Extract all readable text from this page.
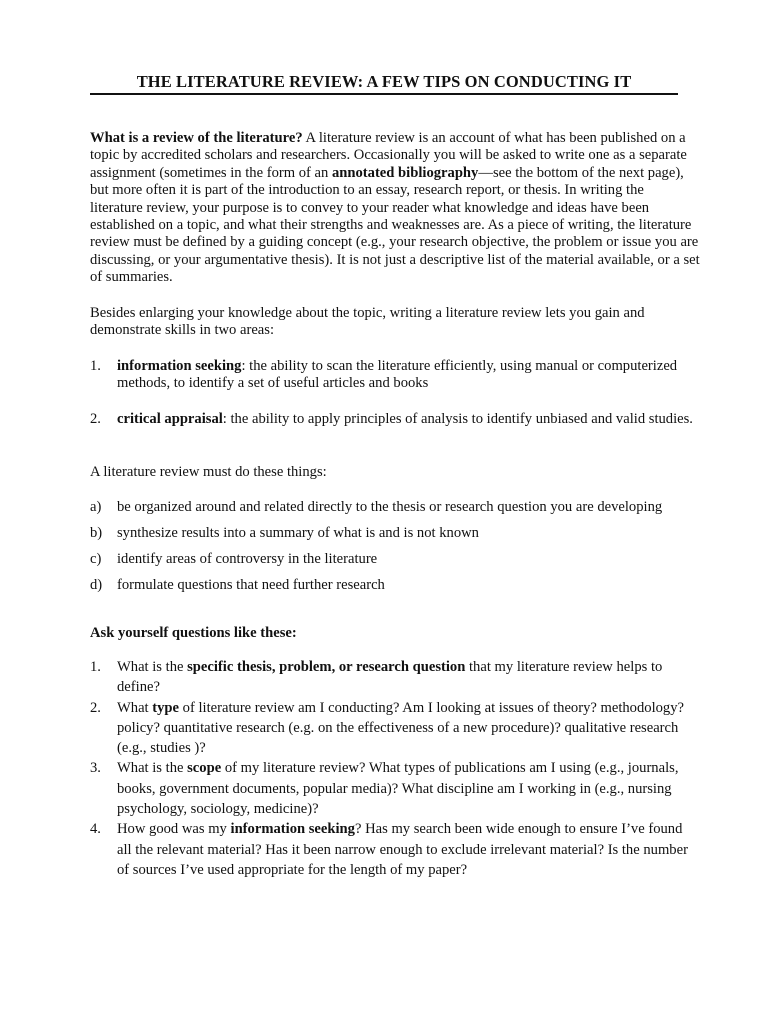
THE LITERATURE REVIEW: A FEW TIPS ON CONDUCTING IT

What is a review of the literature? A literature review is an account of what has been published on a topic by accredited scholars and researchers. Occasionally you will be asked to write one as a separate assignment (sometimes in the form of an annotated bibliography—see the bottom of the next page), but more often it is part of the introduction to an essay, research report, or thesis. In writing the literature review, your purpose is to convey to your reader what knowledge and ideas have been established on a topic, and what their strengths and weaknesses are. As a piece of writing, the literature review must be defined by a guiding concept (e.g., your research objective, the problem or issue you are discussing, or your argumentative thesis). It is not just a descriptive list of the material available, or a set of summaries.

Besides enlarging your knowledge about the topic, writing a literature review lets you gain and demonstrate skills in two areas:

1. information seeking: the ability to scan the literature efficiently, using manual or computerized methods, to identify a set of useful articles and books
2. critical appraisal: the ability to apply principles of analysis to identify unbiased and valid studies.

A literature review must do these things:

a) be organized around and related directly to the thesis or research question you are developing
b) synthesize results into a summary of what is and is not known
c) identify areas of controversy in the literature
d) formulate questions that need further research

Ask yourself questions like these:

1. What is the specific thesis, problem, or research question that my literature review helps to define?
2. What type of literature review am I conducting? Am I looking at issues of theory? methodology? policy? quantitative research (e.g. on the effectiveness of a new procedure)? qualitative research (e.g., studies )?
3. What is the scope of my literature review? What types of publications am I using (e.g., journals, books, government documents, popular media)? What discipline am I working in (e.g., nursing psychology, sociology, medicine)?
4. How good was my information seeking? Has my search been wide enough to ensure I’ve found all the relevant material? Has it been narrow enough to exclude irrelevant material? Is the number of sources I’ve used appropriate for the length of my paper?
